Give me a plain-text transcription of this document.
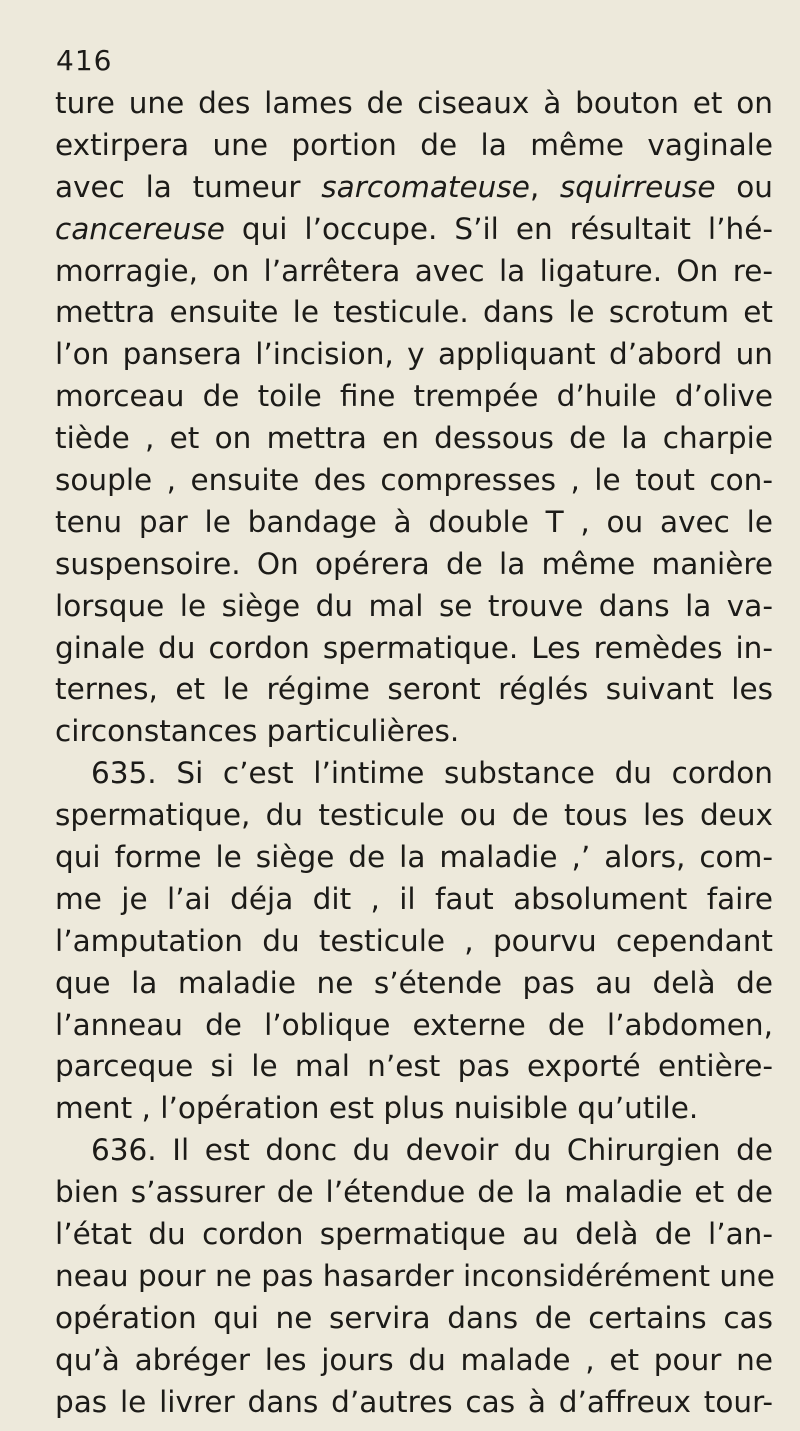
416
ture une des lames de ciseaux à bouton et on
extirpera une portion de la même vaginale
avec la tumeur sarcomateuse, squirreuse ou
cancereuse qui l’occupe. S’il en résultait l’hé-
morragie, on l’arrêtera avec la ligature. On re-
mettra ensuite le testicule. dans le scrotum et
l’on pansera l’incision, y appliquant d’abord un
morceau de toile fine trempée d’huile d’olive
tiède , et on mettra en dessous de la charpie
souple , ensuite des compresses , le tout con-
tenu par le bandage à double T , ou avec le
suspensoire. On opérera de la même manière
lorsque le siège du mal se trouve dans la va-
ginale du cordon spermatique. Les remèdes in-
ternes, et le régime seront réglés suivant les
circonstances particulières.
635. Si c’est l’intime substance du cordon
spermatique, du testicule ou de tous les deux
qui forme le siège de la maladie ,’ alors, com-
me je l’ai déja dit , il faut absolument faire
l’amputation du testicule , pourvu cependant
que la maladie ne s’étende pas au delà de
l’anneau de l’oblique externe de l’abdomen,
parceque si le mal n’est pas exporté entière-
ment , l’opération est plus nuisible qu’utile.
636. Il est donc du devoir du Chirurgien de
bien s’assurer de l’étendue de la maladie et de
l’état du cordon spermatique au delà de l’an-
neau pour ne pas hasarder inconsidérément une
opération qui ne servira dans de certains cas
qu’à abréger les jours du malade , et pour ne
pas le livrer dans d’autres cas à d’affreux tour-
